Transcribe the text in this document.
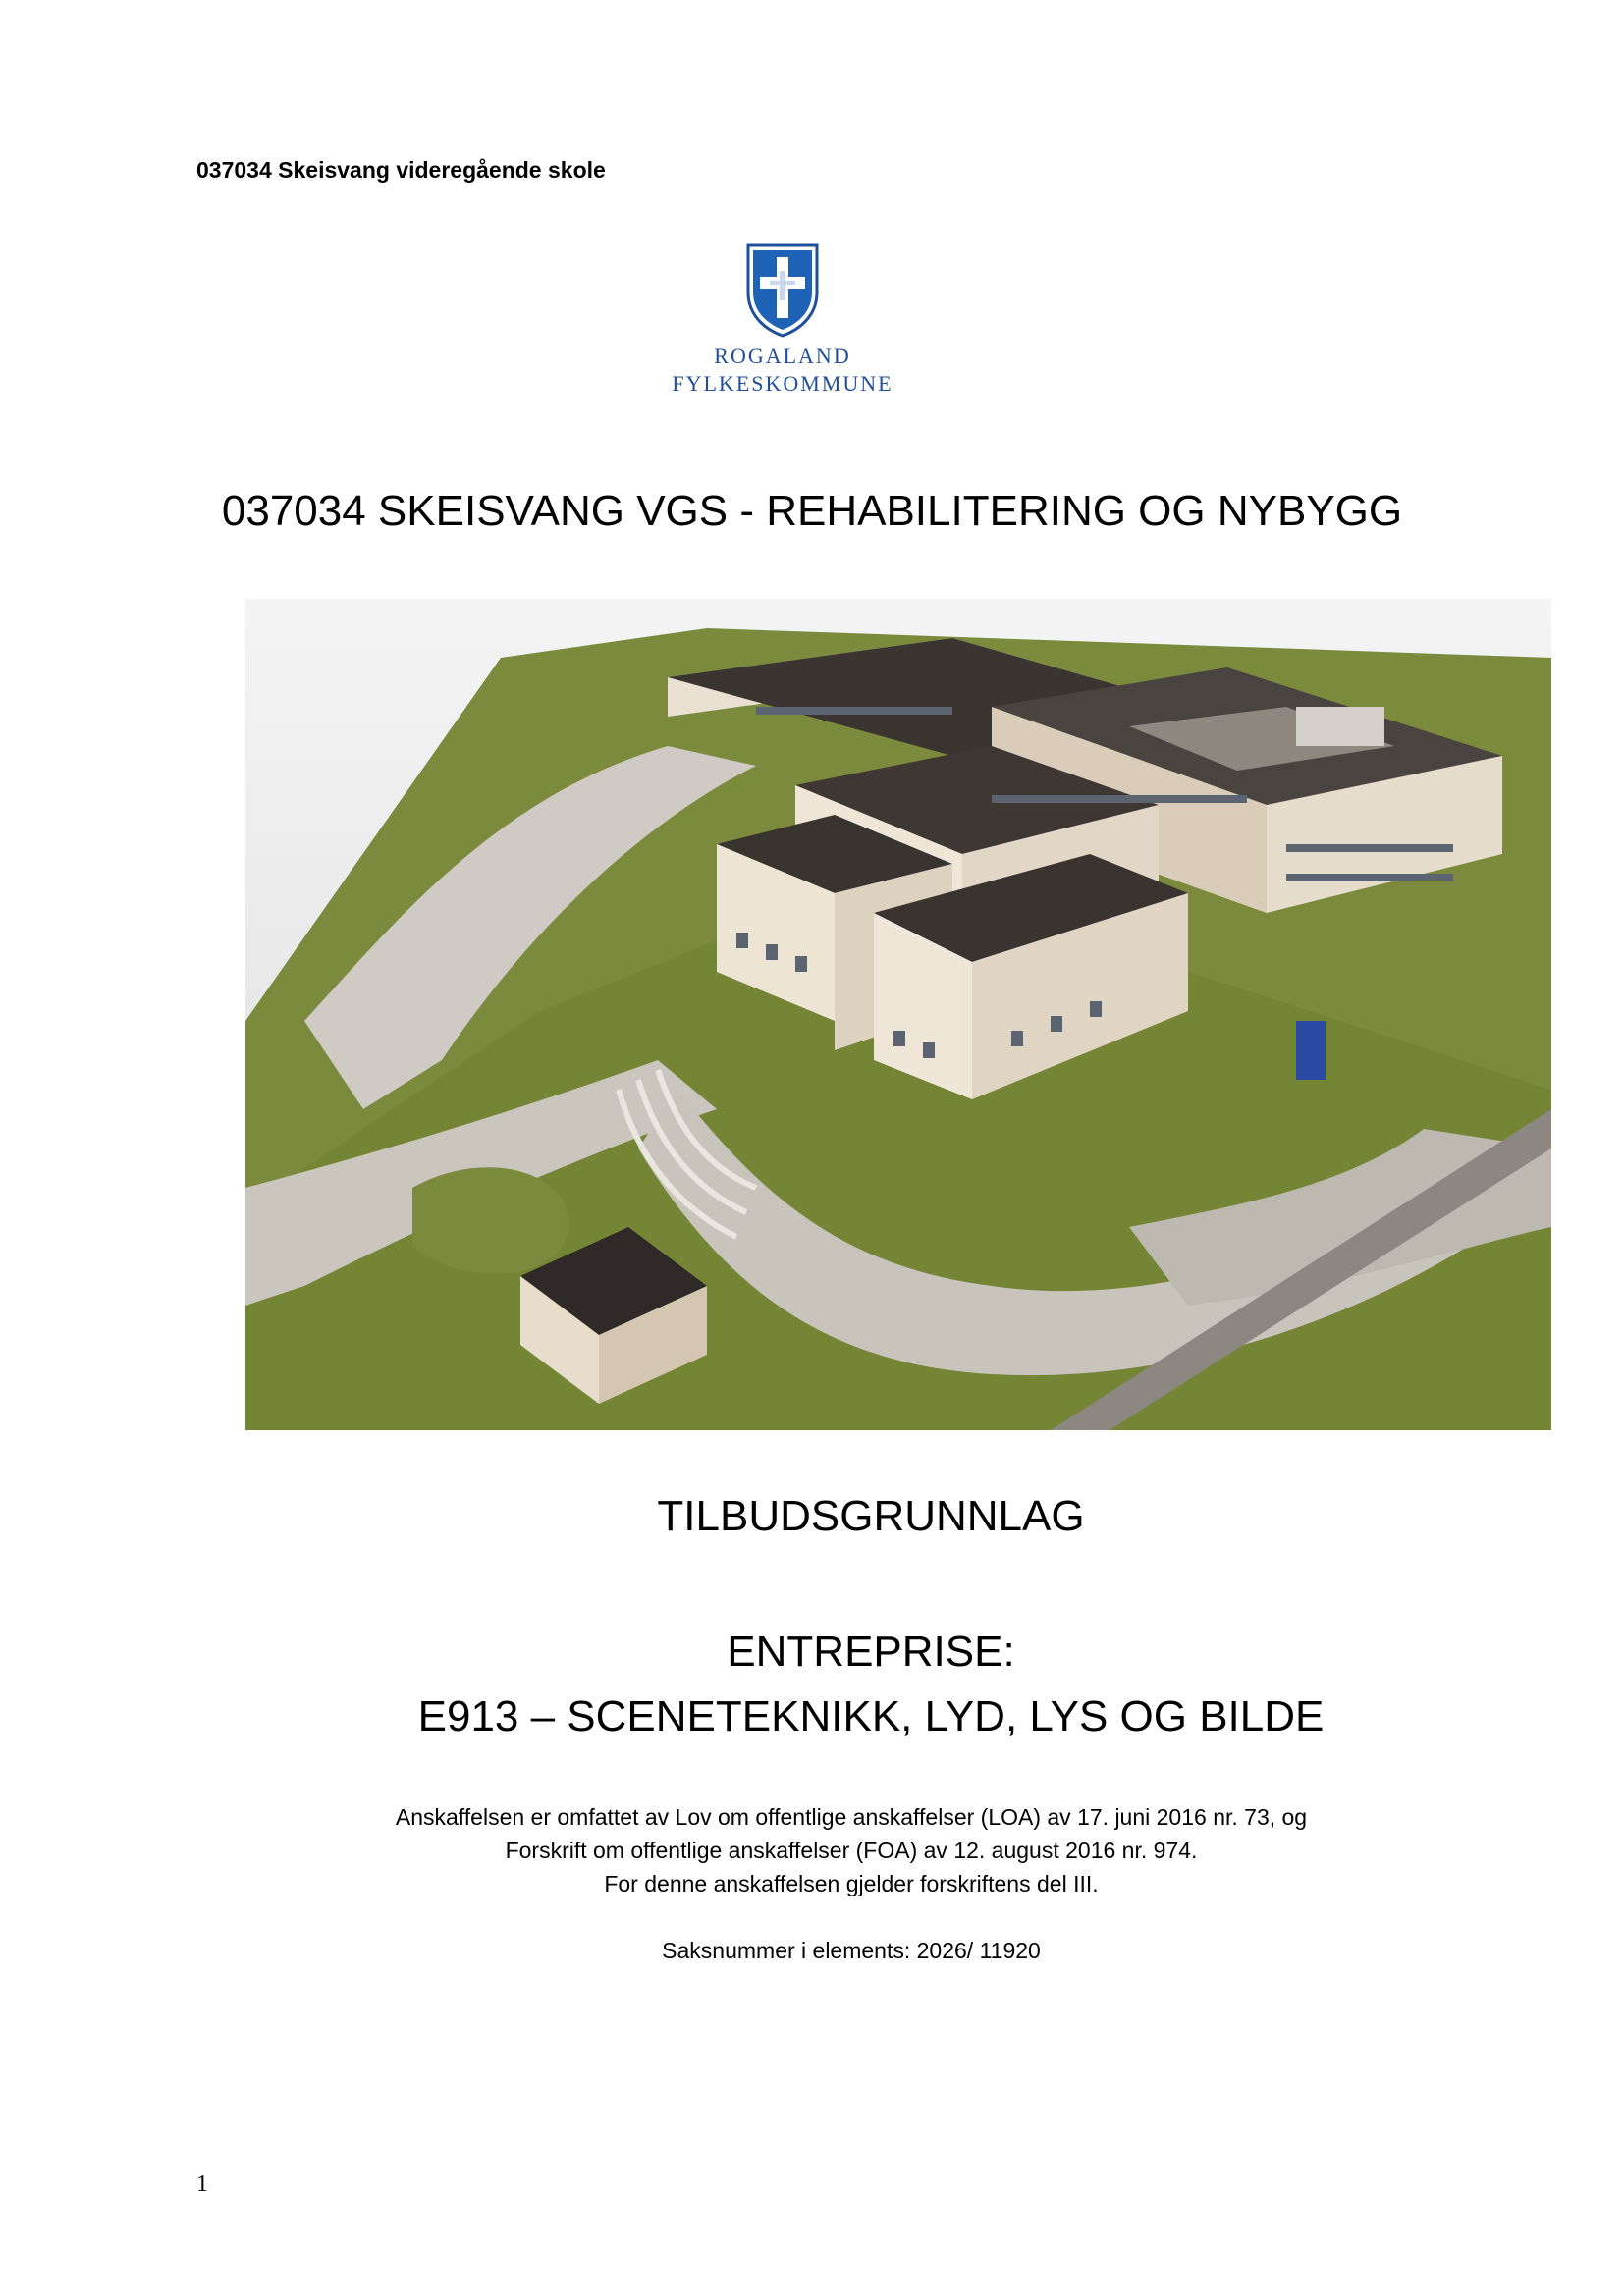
037034 Skeisvang videregående skole
ROGALAND
FYLKESKOMMUNE
037034 SKEISVANG VGS - REHABILITERING OG NYBYGG
TILBUDSGRUNNLAG
ENTREPRISE:
E913 – SCENETEKNIKK, LYD, LYS OG BILDE
Anskaffelsen er omfattet av Lov om offentlige anskaffelser (LOA) av 17. juni 2016 nr. 73, og
Forskrift om offentlige anskaffelser (FOA) av 12. august 2016 nr. 974.
For denne anskaffelsen gjelder forskriftens del III.
Saksnummer i elements: 2026/ 11920
1
